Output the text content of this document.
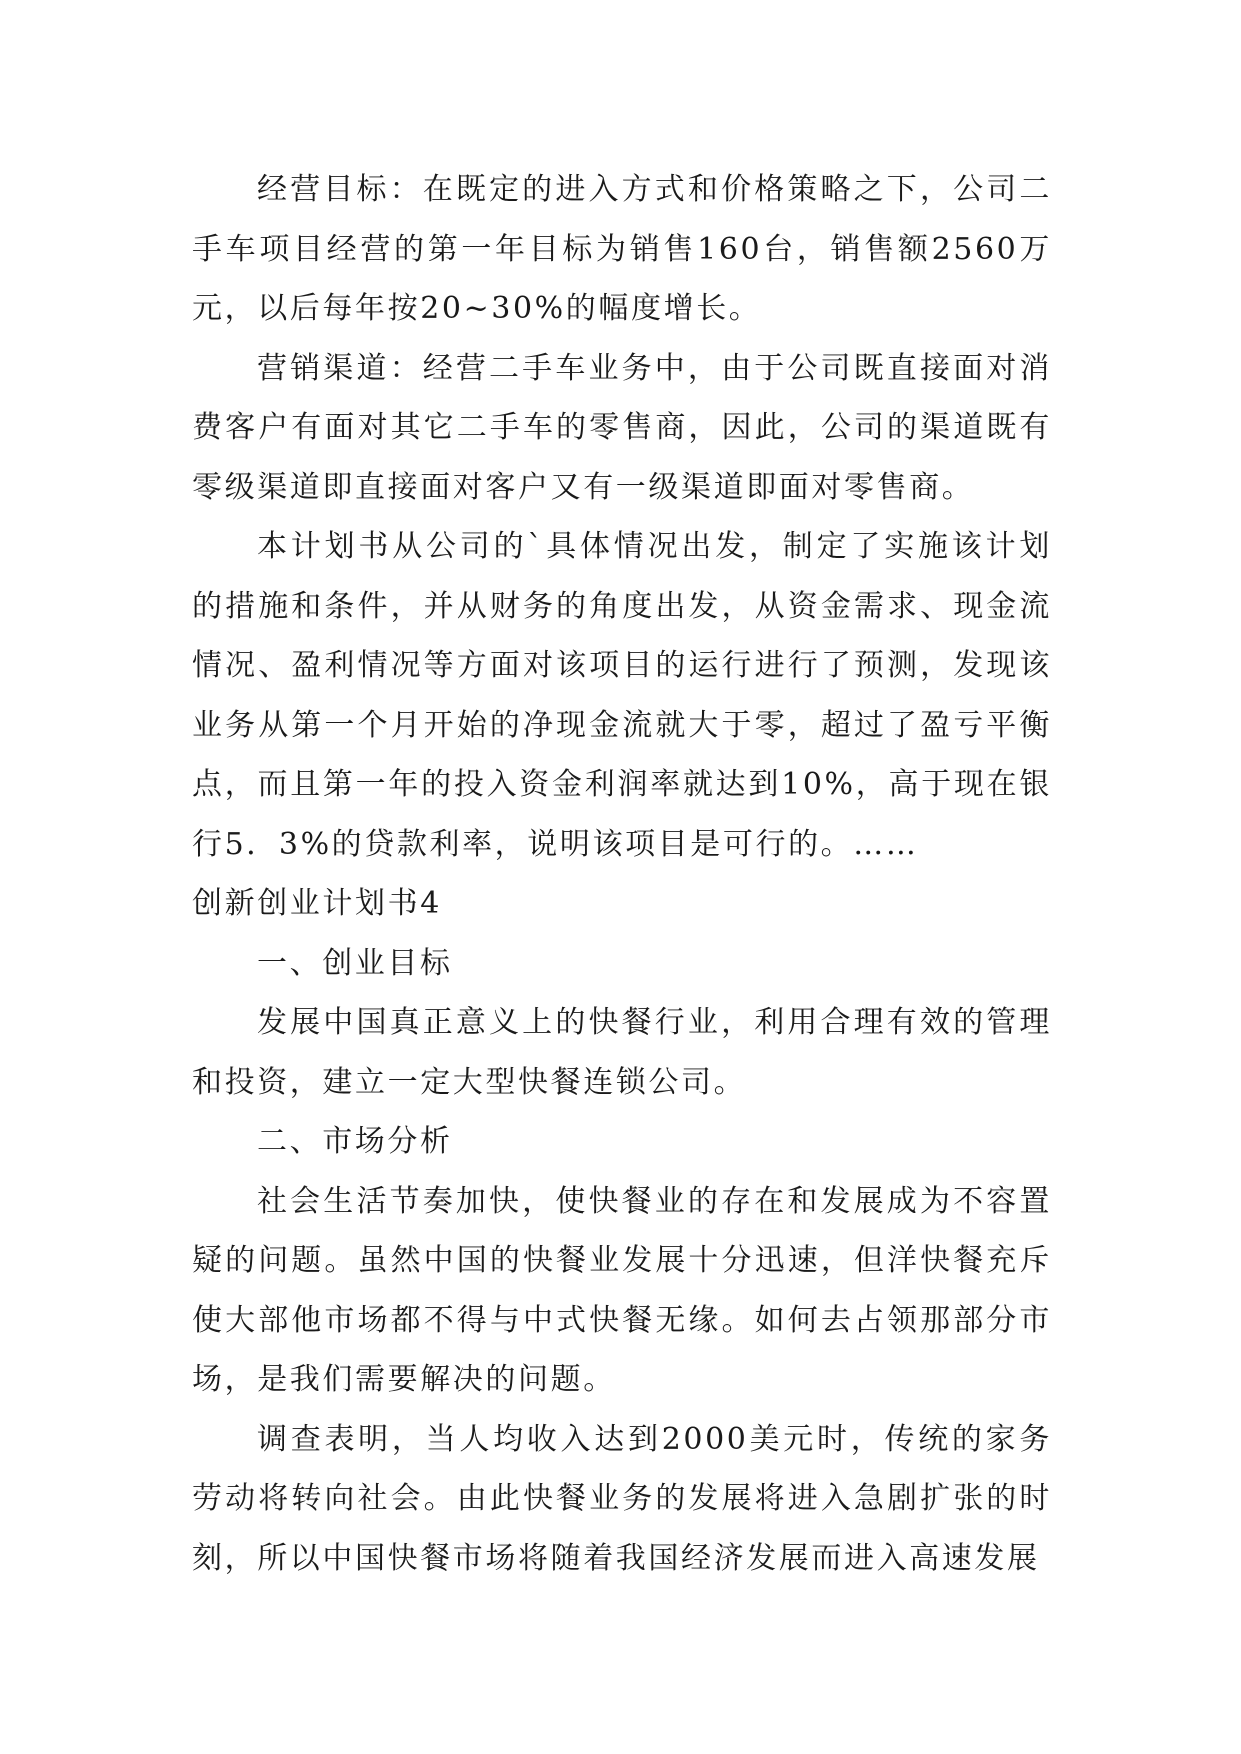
经营目标：在既定的进入方式和价格策略之下，公司二手车项目经营的第一年目标为销售160台，销售额2560万元，以后每年按20~30%的幅度增长。

营销渠道：经营二手车业务中，由于公司既直接面对消费客户有面对其它二手车的零售商，因此，公司的渠道既有零级渠道即直接面对客户又有一级渠道即面对零售商。

本计划书从公司的`具体情况出发，制定了实施该计划的措施和条件，并从财务的角度出发，从资金需求、现金流情况、盈利情况等方面对该项目的运行进行了预测，发现该业务从第一个月开始的净现金流就大于零，超过了盈亏平衡点，而且第一年的投入资金利润率就达到10%，高于现在银行5．3%的贷款利率，说明该项目是可行的。……

创新创业计划书4

一、创业目标

发展中国真正意义上的快餐行业，利用合理有效的管理和投资，建立一定大型快餐连锁公司。

二、市场分析

社会生活节奏加快，使快餐业的存在和发展成为不容置疑的问题。虽然中国的快餐业发展十分迅速，但洋快餐充斥使大部他市场都不得与中式快餐无缘。如何去占领那部分市场，是我们需要解决的问题。

调查表明，当人均收入达到2000美元时，传统的家务劳动将转向社会。由此快餐业务的发展将进入急剧扩张的时刻，所以中国快餐市场将随着我国经济发展而进入高速发展
